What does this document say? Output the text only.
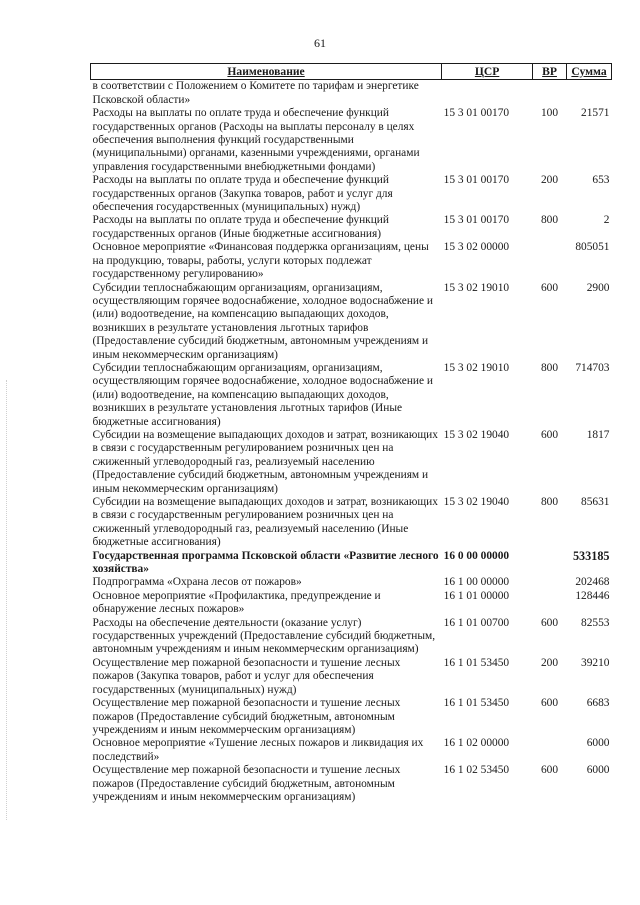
61
Наименование	ЦСР	ВР	Сумма
в соответствии с Положением о Комитете по тарифам и энергетике Псковской области»			
Расходы на выплаты по оплате труда и обеспечение функций государственных органов (Расходы на выплаты персоналу в целях обеспечения выполнения функций государственными (муниципальными) органами, казенными учреждениями, органами управления государственными внебюджетными фондами)	15 3 01 00170	100	21571
Расходы на выплаты по оплате труда и обеспечение функций государственных органов (Закупка товаров, работ и услуг для обеспечения государственных (муниципальных) нужд)	15 3 01 00170	200	653
Расходы на выплаты по оплате труда и обеспечение функций государственных органов (Иные бюджетные ассигнования)	15 3 01 00170	800	2
Основное мероприятие «Финансовая поддержка организациям, цены на продукцию, товары, работы, услуги которых подлежат государственному регулированию»	15 3 02 00000		805051
Субсидии теплоснабжающим организациям, организациям, осуществляющим горячее водоснабжение, холодное водоснабжение и (или) водоотведение, на компенсацию выпадающих доходов, возникших в результате установления льготных тарифов (Предоставление субсидий бюджетным, автономным учреждениям и иным некоммерческим организациям)	15 3 02 19010	600	2900
Субсидии теплоснабжающим организациям, организациям, осуществляющим горячее водоснабжение, холодное водоснабжение и (или) водоотведение, на компенсацию выпадающих доходов, возникших в результате установления льготных тарифов (Иные бюджетные ассигнования)	15 3 02 19010	800	714703
Субсидии на возмещение выпадающих доходов и затрат, возникающих в связи с государственным регулированием розничных цен на сжиженный углеводородный газ, реализуемый населению (Предоставление субсидий бюджетным, автономным учреждениям и иным некоммерческим организациям)	15 3 02 19040	600	1817
Субсидии на возмещение выпадающих доходов и затрат, возникающих в связи с государственным регулированием розничных цен на сжиженный углеводородный газ, реализуемый населению (Иные бюджетные ассигнования)	15 3 02 19040	800	85631
Государственная программа Псковской области «Развитие лесного хозяйства»	16 0 00 00000		533185
Подпрограмма «Охрана лесов от пожаров»	16 1 00 00000		202468
Основное мероприятие «Профилактика, предупреждение и обнаружение лесных пожаров»	16 1 01 00000		128446
Расходы на обеспечение деятельности (оказание услуг) государственных учреждений (Предоставление субсидий бюджетным, автономным учреждениям и иным некоммерческим организациям)	16 1 01 00700	600	82553
Осуществление мер пожарной безопасности и тушение лесных пожаров (Закупка товаров, работ и услуг для обеспечения государственных (муниципальных) нужд)	16 1 01 53450	200	39210
Осуществление мер пожарной безопасности и тушение лесных пожаров (Предоставление субсидий бюджетным, автономным учреждениям и иным некоммерческим организациям)	16 1 01 53450	600	6683
Основное мероприятие «Тушение лесных пожаров и ликвидация их последствий»	16 1 02 00000		6000
Осуществление мер пожарной безопасности и тушение лесных пожаров (Предоставление субсидий бюджетным, автономным учреждениям и иным некоммерческим организациям)	16 1 02 53450	600	6000
